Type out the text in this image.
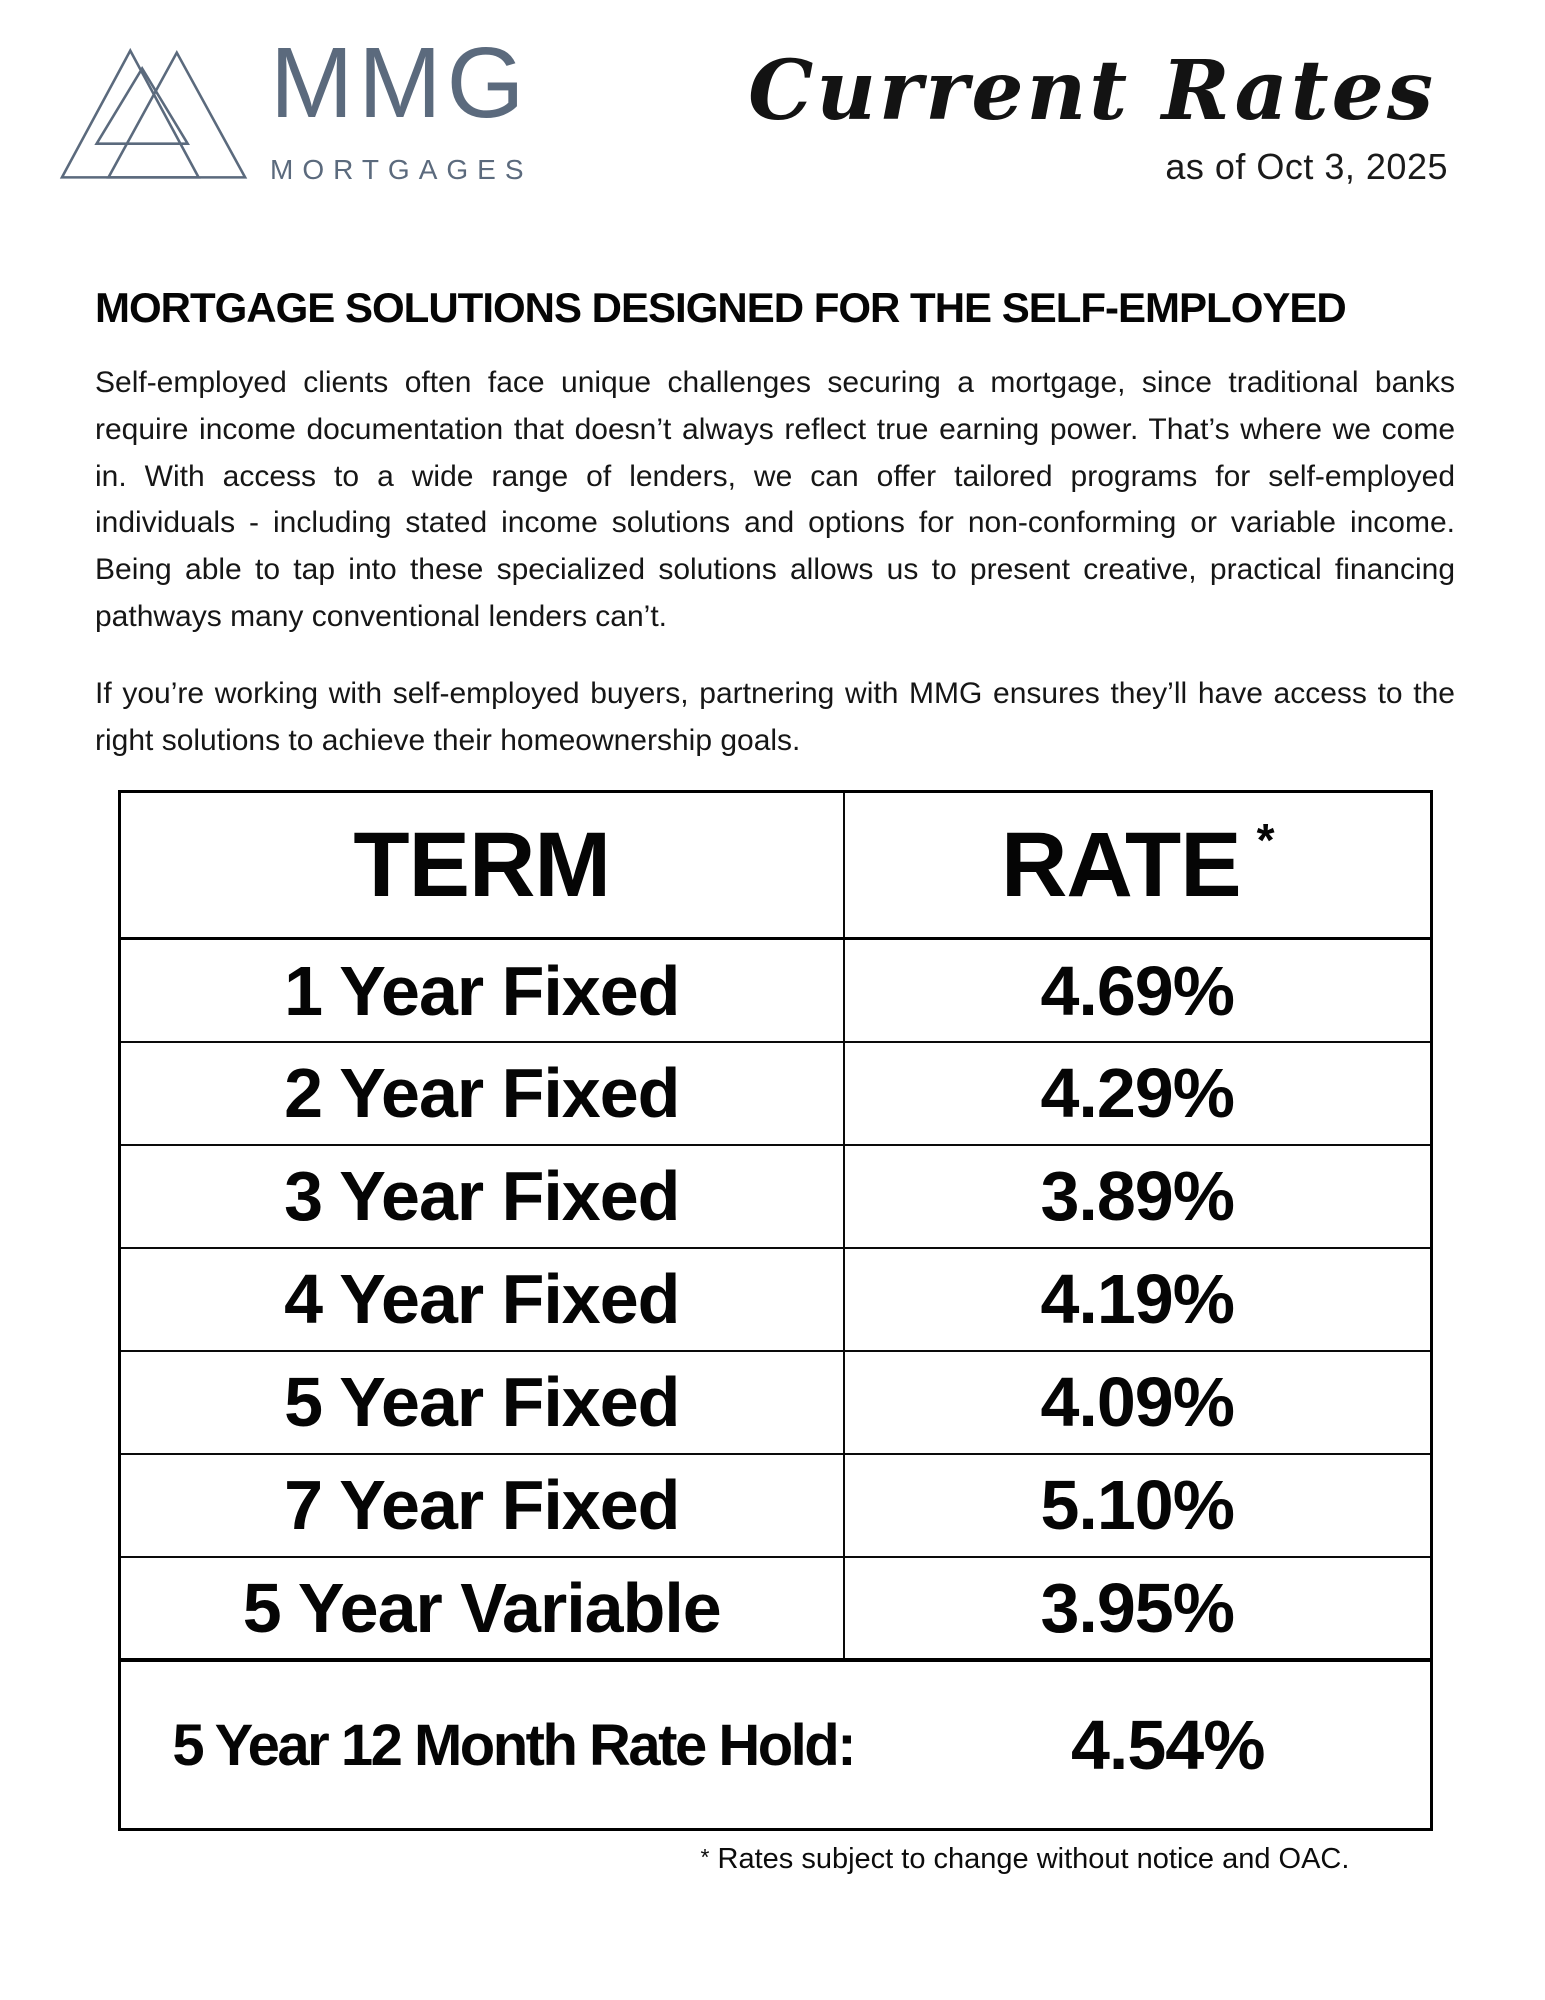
MMG
MORTGAGES
Current Rates
as of Oct 3, 2025
MORTGAGE SOLUTIONS DESIGNED FOR THE SELF-EMPLOYED

Self-employed clients often face unique challenges securing a mortgage, since traditional banks require income documentation that doesn’t always reflect true earning power. That’s where we come in. With access to a wide range of lenders, we can offer tailored programs for self-employed individuals - including stated income solutions and options for non-conforming or variable income. Being able to tap into these specialized solutions allows us to present creative, practical financing pathways many conventional lenders can’t.

If you’re working with self-employed buyers, partnering with MMG ensures they’ll have access to the right solutions to achieve their homeownership goals.

TERM	RATE *
1 Year Fixed	4.69%
2 Year Fixed	4.29%
3 Year Fixed	3.89%
4 Year Fixed	4.19%
5 Year Fixed	4.09%
7 Year Fixed	5.10%
5 Year Variable	3.95%

5 Year 12 Month Rate Hold: 4.54%	
* Rates subject to change without notice and OAC.
